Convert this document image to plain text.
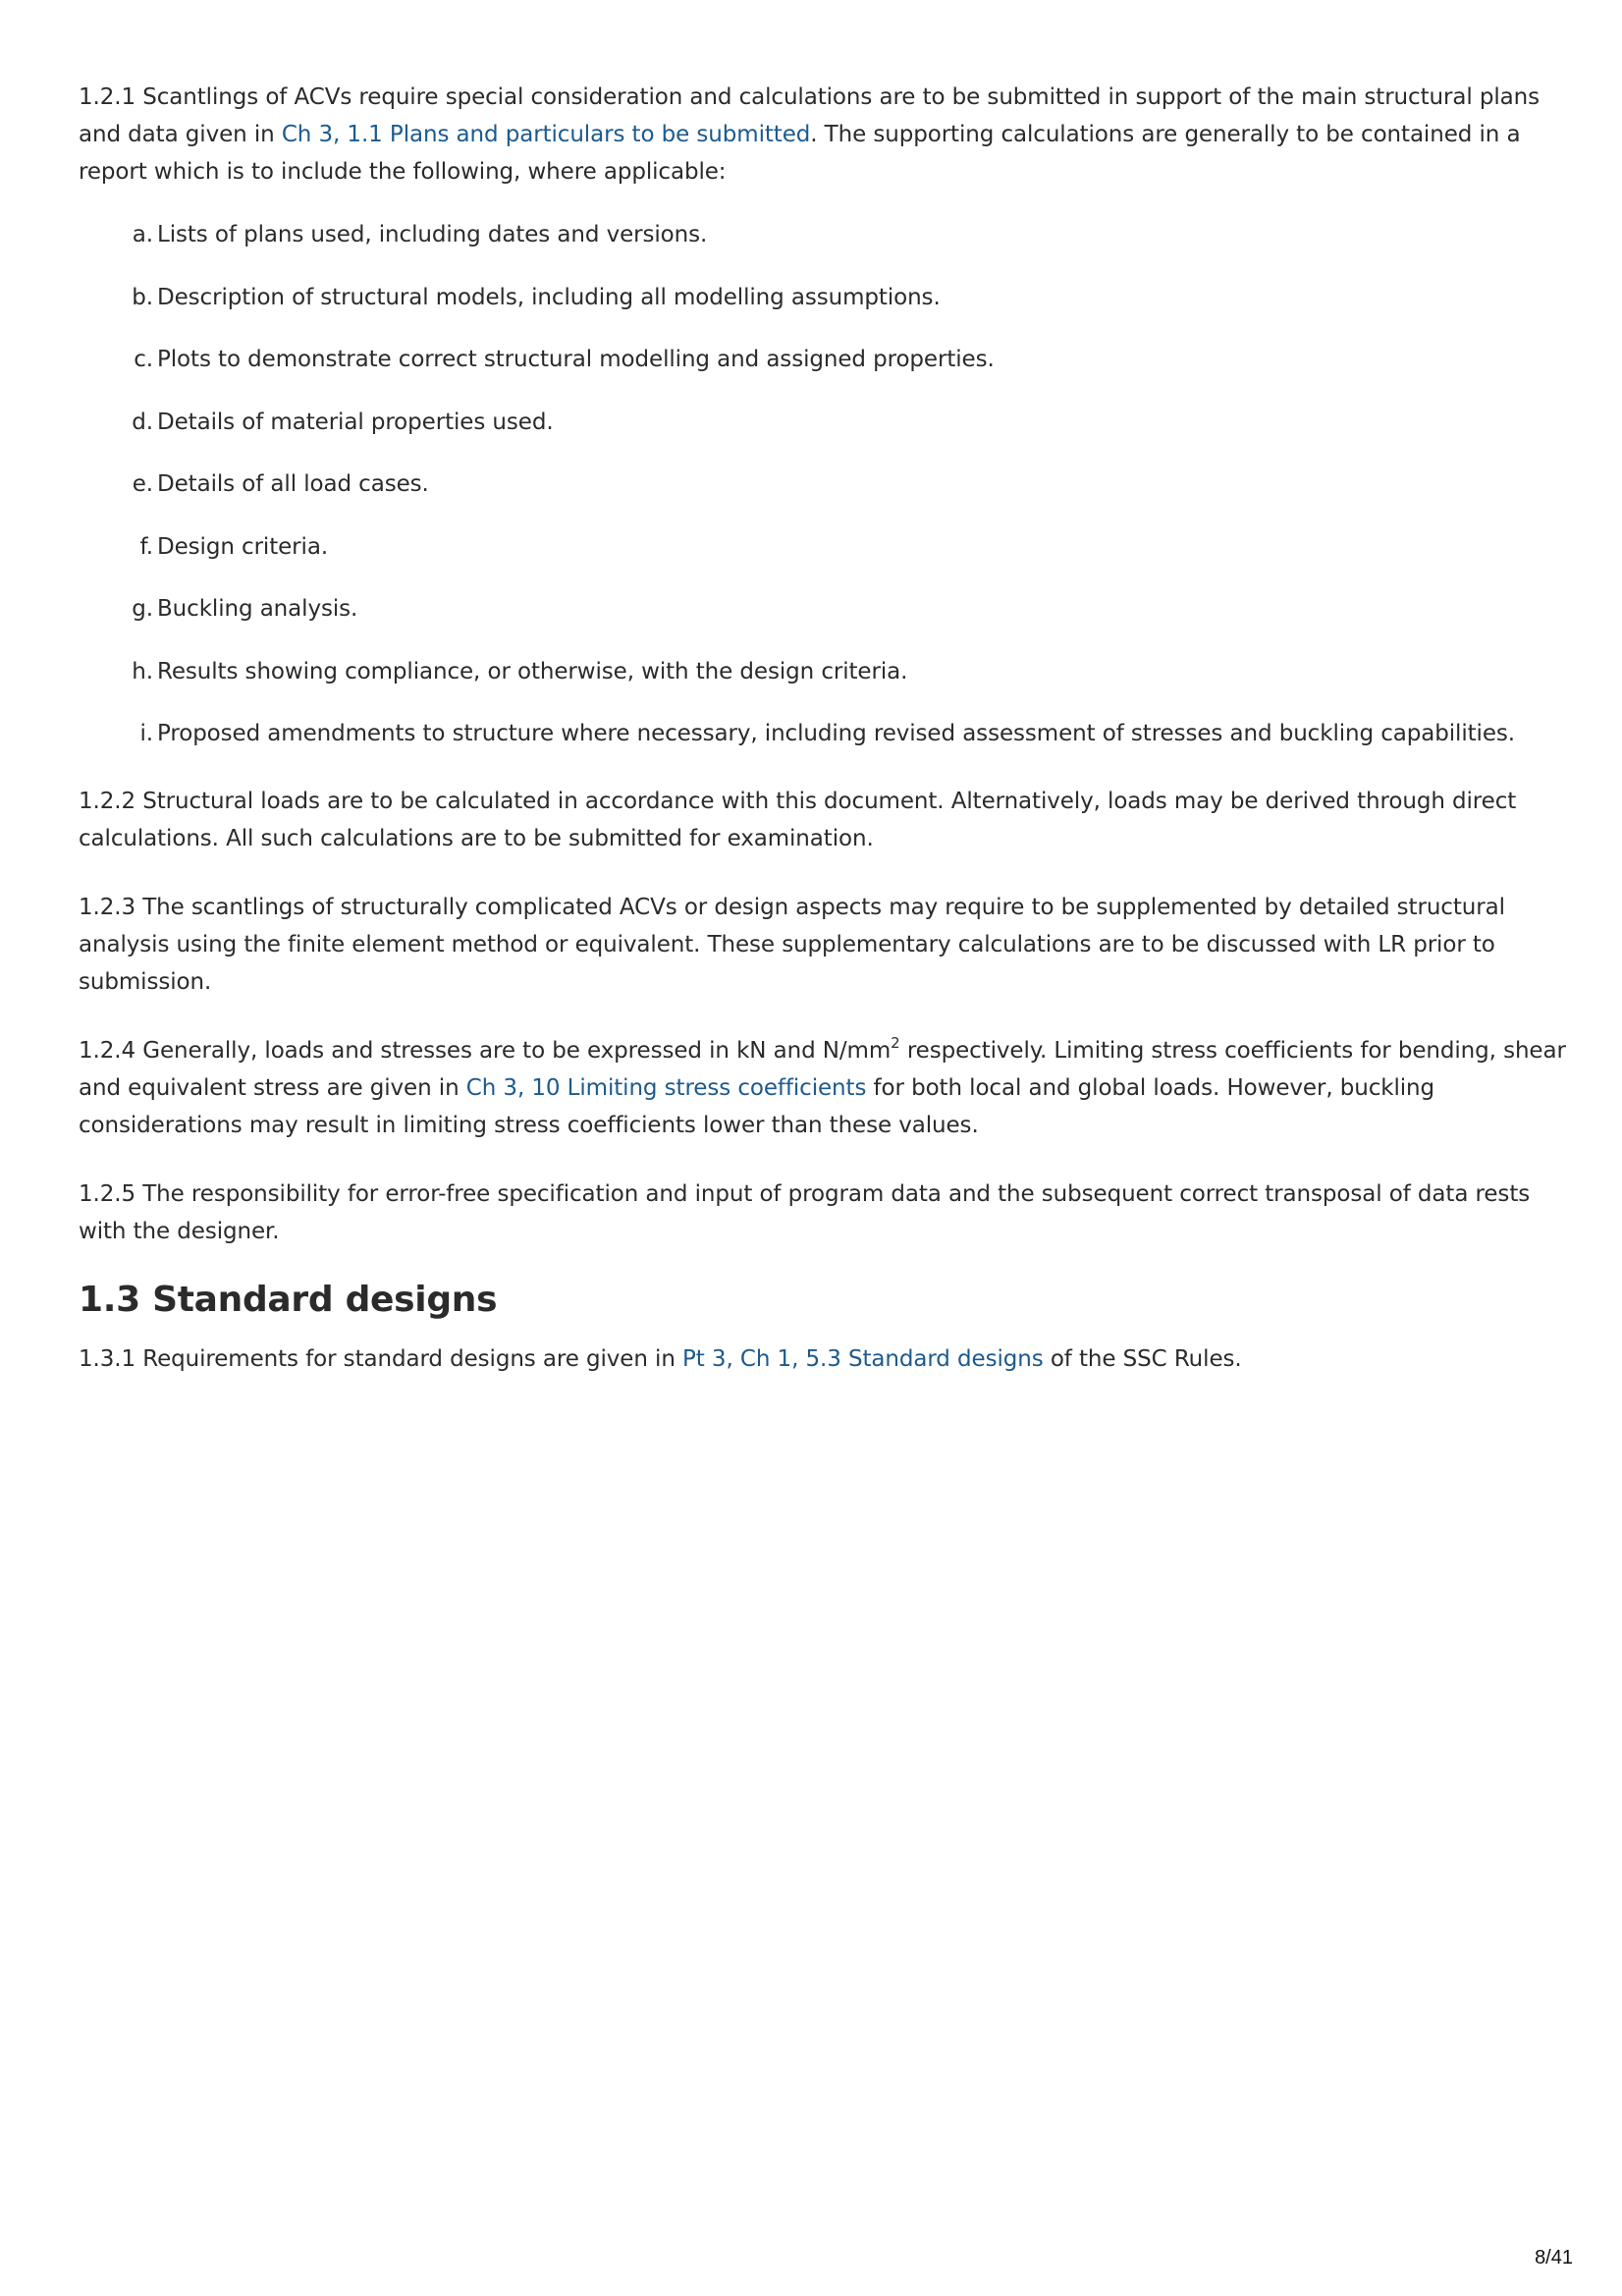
1.2.1 Scantlings of ACVs require special consideration and calculations are to be submitted in support of the main structural plans and data given in Ch 3, 1.1 Plans and particulars to be submitted. The supporting calculations are generally to be contained in a report which is to include the following, where applicable:

a. Lists of plans used, including dates and versions.
b. Description of structural models, including all modelling assumptions.
c. Plots to demonstrate correct structural modelling and assigned properties.
d. Details of material properties used.
e. Details of all load cases.
f. Design criteria.
g. Buckling analysis.
h. Results showing compliance, or otherwise, with the design criteria.
i. Proposed amendments to structure where necessary, including revised assessment of stresses and buckling capabilities.

1.2.2 Structural loads are to be calculated in accordance with this document. Alternatively, loads may be derived through direct calculations. All such calculations are to be submitted for examination.

1.2.3 The scantlings of structurally complicated ACVs or design aspects may require to be supplemented by detailed structural analysis using the finite element method or equivalent. These supplementary calculations are to be discussed with LR prior to submission.

1.2.4 Generally, loads and stresses are to be expressed in kN and $N/mm^2$ respectively. Limiting stress coefficients for bending, shear and equivalent stress are given in Ch 3, 10 Limiting stress coefficients for both local and global loads. However, buckling considerations may result in limiting stress coefficients lower than these values.

1.2.5 The responsibility for error-free specification and input of program data and the subsequent correct transposal of data rests with the designer.

1.3 Standard designs

1.3.1 Requirements for standard designs are given in Pt 3, Ch 1, 5.3 Standard designs of the SSC Rules.

8/41
